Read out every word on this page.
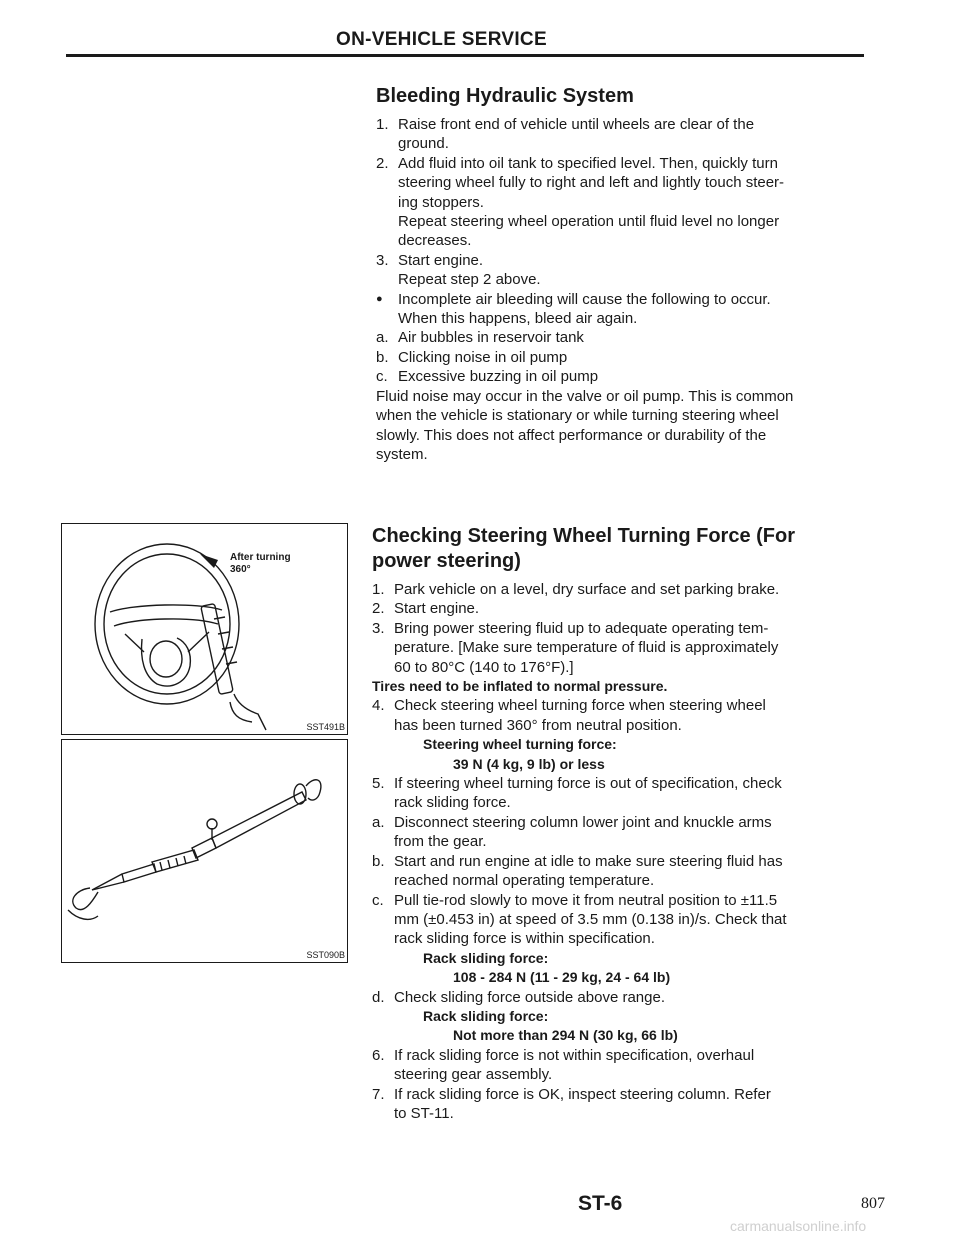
ON-VEHICLE SERVICE
Bleeding Hydraulic System
1. Raise front end of vehicle until wheels are clear of the
ground.
2. Add fluid into oil tank to specified level. Then, quickly turn
steering wheel fully to right and left and lightly touch steer-
ing stoppers.
Repeat steering wheel operation until fluid level no longer
decreases.
3. Start engine.
Repeat step 2 above.
● Incomplete air bleeding will cause the following to occur.
When this happens, bleed air again.
a. Air bubbles in reservoir tank
b. Clicking noise in oil pump
c. Excessive buzzing in oil pump
Fluid noise may occur in the valve or oil pump. This is common
when the vehicle is stationary or while turning steering wheel
slowly. This does not affect performance or durability of the
system.
Checking Steering Wheel Turning Force (For
power steering)
1. Park vehicle on a level, dry surface and set parking brake.
2. Start engine.
3. Bring power steering fluid up to adequate operating tem-
perature. [Make sure temperature of fluid is approximately
60 to 80°C (140 to 176°F).]
Tires need to be inflated to normal pressure.
4. Check steering wheel turning force when steering wheel
has been turned 360° from neutral position.
Steering wheel turning force:
39 N (4 kg, 9 lb) or less
5. If steering wheel turning force is out of specification, check
rack sliding force.
a. Disconnect steering column lower joint and knuckle arms
from the gear.
b. Start and run engine at idle to make sure steering fluid has
reached normal operating temperature.
c. Pull tie-rod slowly to move it from neutral position to ±11.5
mm (±0.453 in) at speed of 3.5 mm (0.138 in)/s. Check that
rack sliding force is within specification.
Rack sliding force:
108 - 284 N (11 - 29 kg, 24 - 64 lb)
d. Check sliding force outside above range.
Rack sliding force:
Not more than 294 N (30 kg, 66 lb)
6. If rack sliding force is not within specification, overhaul
steering gear assembly.
7. If rack sliding force is OK, inspect steering column. Refer
to ST-11.
After turning
360°
SST491B
SST090B
ST-6	807
carmanualsonline.info
